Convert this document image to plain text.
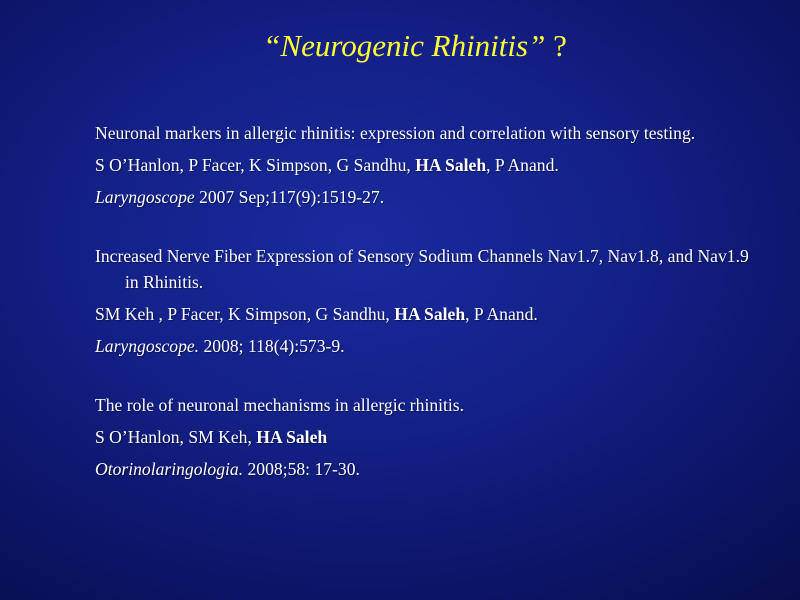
“Neurogenic Rhinitis” ?

Neuronal markers in allergic rhinitis: expression and correlation with sensory testing.

S O’Hanlon, P Facer, K Simpson, G Sandhu, HA Saleh, P Anand.

Laryngoscope 2007 Sep;117(9):1519-27.

Increased Nerve Fiber Expression of Sensory Sodium Channels Nav1.7, Nav1.8, and Nav1.9 in Rhinitis.

SM Keh , P Facer, K Simpson, G Sandhu, HA Saleh, P Anand.

Laryngoscope. 2008; 118(4):573-9.

The role of neuronal mechanisms in allergic rhinitis.

S O’Hanlon, SM Keh, HA Saleh

Otorinolaringologia. 2008;58: 17-30.
